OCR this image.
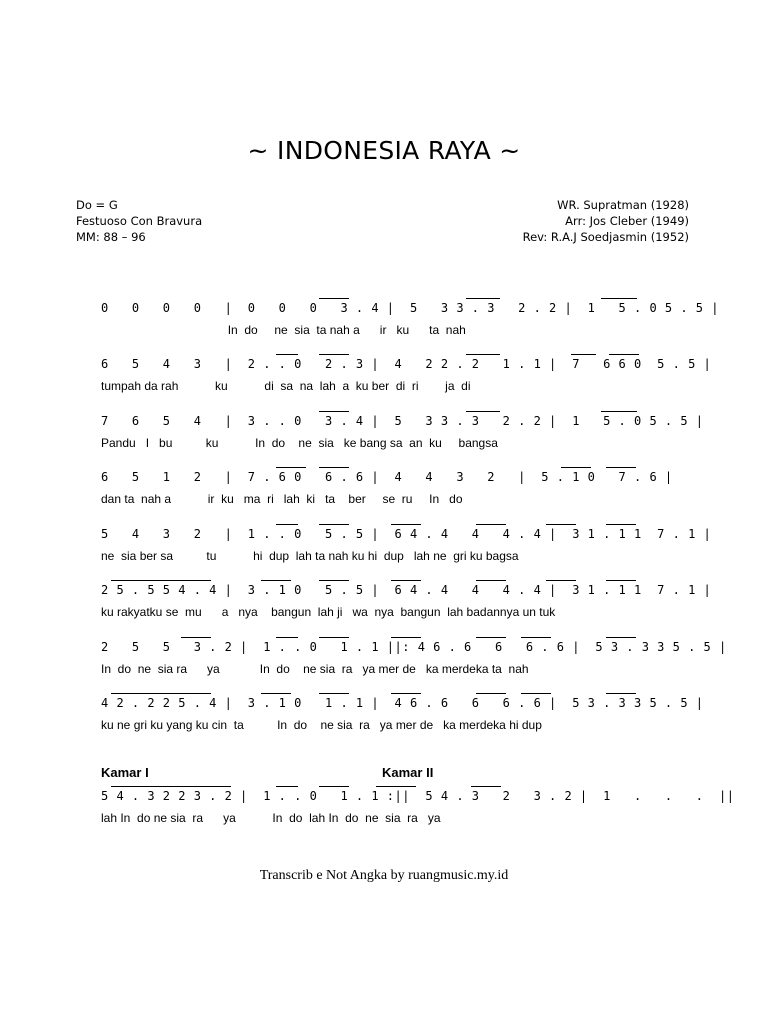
~ INDONESIA RAYA ~
Do = G
Festuoso Con Bravura
MM: 88 – 96
WR. Supratman (1928)
Arr: Jos Cleber (1949)
Rev: R.A.J Soedjasmin (1952)
0   0   0   0   |  0   0   0   3 . 4 |  5   3 3 . 3   2 . 2 |  1   5 . 0 5 . 5 |
In  do     ne  sia  ta nah a      ir   ku      ta  nah
6   5   4   3   |  2 . . 0   2 . 3 |  4   2 2 . 2   1 . 1 |  7   6 6 0  5 . 5 |
tumpah da rah           ku           di  sa  na  lah  a  ku ber  di  ri        ja  di
7   6   5   4   |  3 . . 0   3 . 4 |  5   3 3 . 3   2 . 2 |  1   5 . 0 5 . 5 |
Pandu   I   bu          ku           In  do    ne  sia   ke bang sa  an  ku     bangsa
6   5   1   2   |  7 . 6 0   6 . 6 |  4   4   3   2   |  5 . 1 0   7 . 6 |
dan ta  nah a           ir  ku   ma  ri   lah  ki   ta    ber     se  ru     In   do
5   4   3   2   |  1 . . 0   5 . 5 |  6 4 . 4   4   4 . 4 |  3 1 . 1 1  7 . 1 |
ne  sia ber sa          tu           hi  dup  lah ta nah ku hi  dup   lah ne  gri ku bagsa
2 5 . 5 5 4 . 4 |  3 . 1 0   5 . 5 |  6 4 . 4   4   4 . 4 |  3 1 . 1 1  7 . 1 |
ku rakyatku se  mu      a   nya    bangun  lah ji   wa  nya  bangun  lah badannya un tuk
2   5   5   3 . 2 |  1 . . 0   1 . 1 ||: 4 6 . 6   6   6 . 6 |  5 3 . 3 3 5 . 5 |
In  do  ne  sia ra      ya            In  do    ne sia  ra   ya mer de   ka merdeka ta  nah
4 2 . 2 2 5 . 4 |  3 . 1 0   1 . 1 |  4 6 . 6   6   6 . 6 |  5 3 . 3 3 5 . 5 |
ku ne gri ku yang ku cin  ta          In  do    ne sia  ra   ya mer de   ka merdeka hi dup
Kamar I	Kamar II
5 4 . 3 2 2 3 . 2 |  1 . . 0   1 . 1 :||  5 4 . 3   2   3 . 2 |  1   .   .   .  ||
lah In  do ne sia  ra      ya           In  do  lah In  do  ne  sia  ra   ya
Transcrib e Not Angka by ruangmusic.my.id
